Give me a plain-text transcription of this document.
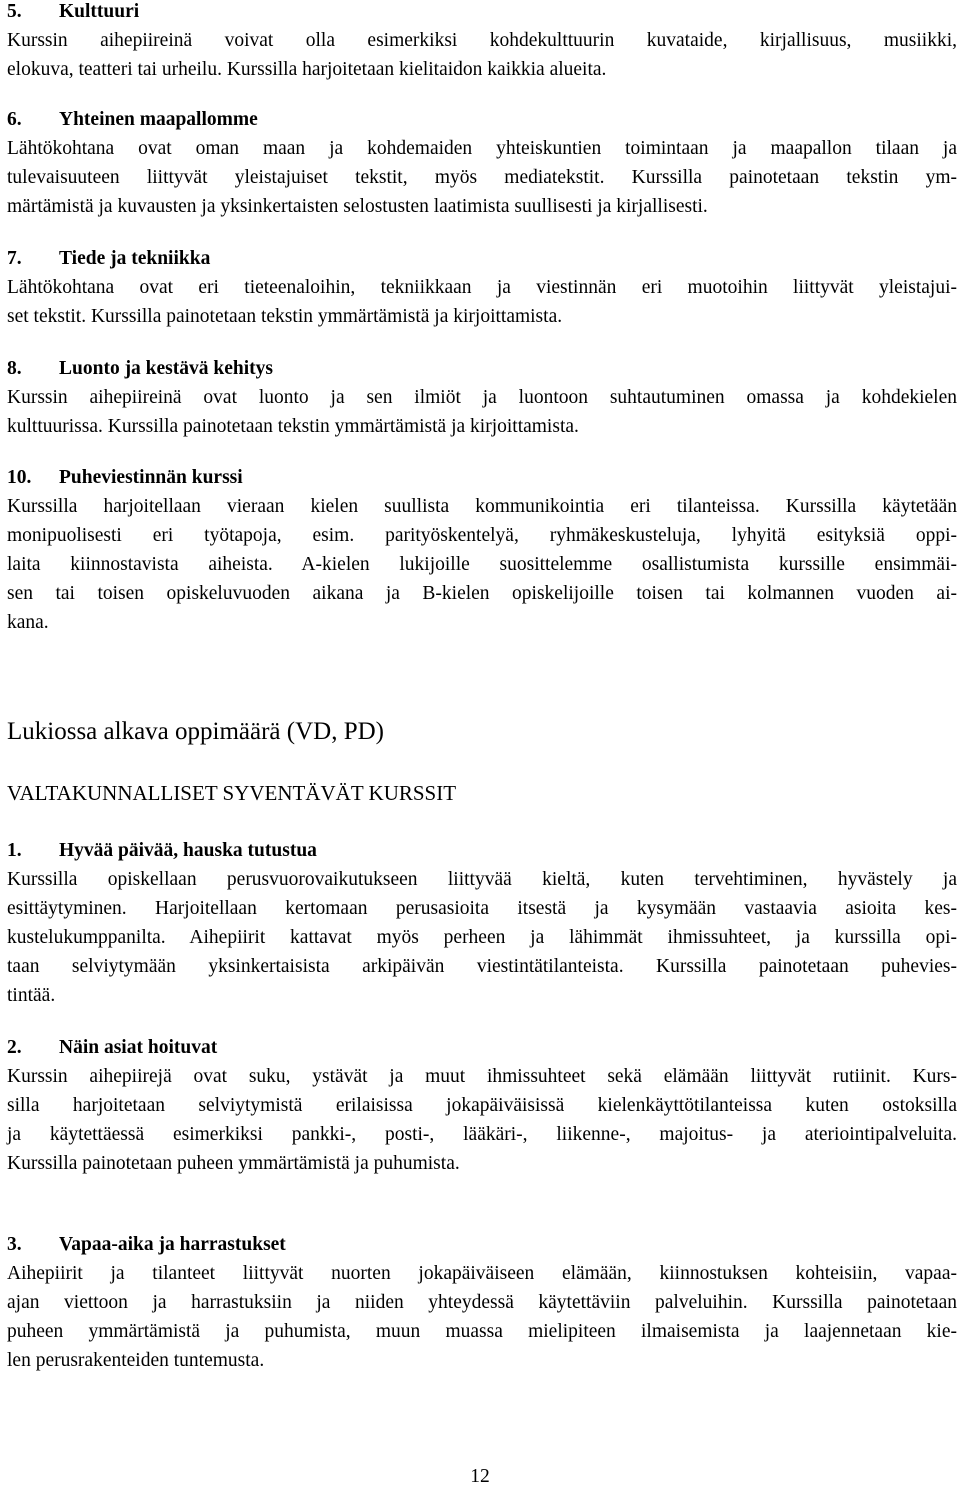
5. Kulttuuri
Kurssin aihepiireinä voivat olla esimerkiksi kohdekulttuurin kuvataide, kirjallisuus, musiikki,
elokuva, teatteri tai urheilu. Kurssilla harjoitetaan kielitaidon kaikkia alueita.
6. Yhteinen maapallomme
Lähtökohtana ovat oman maan ja kohdemaiden yhteiskuntien toimintaan ja maapallon tilaan ja
tulevaisuuteen liittyvät yleistajuiset tekstit, myös mediatekstit. Kurssilla painotetaan tekstin ym-
märtämistä ja kuvausten ja yksinkertaisten selostusten laatimista suullisesti ja kirjallisesti.
7. Tiede ja tekniikka
Lähtökohtana ovat eri tieteenaloihin, tekniikkaan ja viestinnän eri muotoihin liittyvät yleistajui-
set tekstit. Kurssilla painotetaan tekstin ymmärtämistä ja kirjoittamista.
8. Luonto ja kestävä kehitys
Kurssin aihepiireinä ovat luonto ja sen ilmiöt ja luontoon suhtautuminen omassa ja kohdekielen
kulttuurissa. Kurssilla painotetaan tekstin ymmärtämistä ja kirjoittamista.
10. Puheviestinnän kurssi
Kurssilla harjoitellaan vieraan kielen suullista kommunikointia eri tilanteissa. Kurssilla käytetään
monipuolisesti eri työtapoja, esim. parityöskentelyä, ryhmäkeskusteluja, lyhyitä esityksiä oppi-
laita kiinnostavista aiheista. A-kielen lukijoille suosittelemme osallistumista kurssille ensimmäi-
sen tai toisen opiskeluvuoden aikana ja B-kielen opiskelijoille toisen tai kolmannen vuoden ai-
kana.
Lukiossa alkava oppimäärä (VD, PD)
VALTAKUNNALLISET SYVENTÄVÄT KURSSIT
1. Hyvää päivää, hauska tutustua
Kurssilla opiskellaan perusvuorovaikutukseen liittyvää kieltä, kuten tervehtiminen, hyvästely ja
esittäytyminen. Harjoitellaan kertomaan perusasioita itsestä ja kysymään vastaavia asioita kes-
kustelukumppanilta. Aihepiirit kattavat myös perheen ja lähimmät ihmissuhteet, ja kurssilla opi-
taan selviytymään yksinkertaisista arkipäivän viestintätilanteista. Kurssilla painotetaan puhevies-
tintää.
2. Näin asiat hoituvat
Kurssin aihepiirejä ovat suku, ystävät ja muut ihmissuhteet sekä elämään liittyvät rutiinit. Kurs-
silla harjoitetaan selviytymistä erilaisissa jokapäiväisissä kielenkäyttötilanteissa kuten ostoksilla
ja käytettäessä esimerkiksi pankki-, posti-, lääkäri-, liikenne-, majoitus- ja ateriointipalveluita.
Kurssilla painotetaan puheen ymmärtämistä ja puhumista.
3. Vapaa-aika ja harrastukset
Aihepiirit ja tilanteet liittyvät nuorten jokapäiväiseen elämään, kiinnostuksen kohteisiin, vapaa-
ajan viettoon ja harrastuksiin ja niiden yhteydessä käytettäviin palveluihin. Kurssilla painotetaan
puheen ymmärtämistä ja puhumista, muun muassa mielipiteen ilmaisemista ja laajennetaan kie-
len perusrakenteiden tuntemusta.
12
